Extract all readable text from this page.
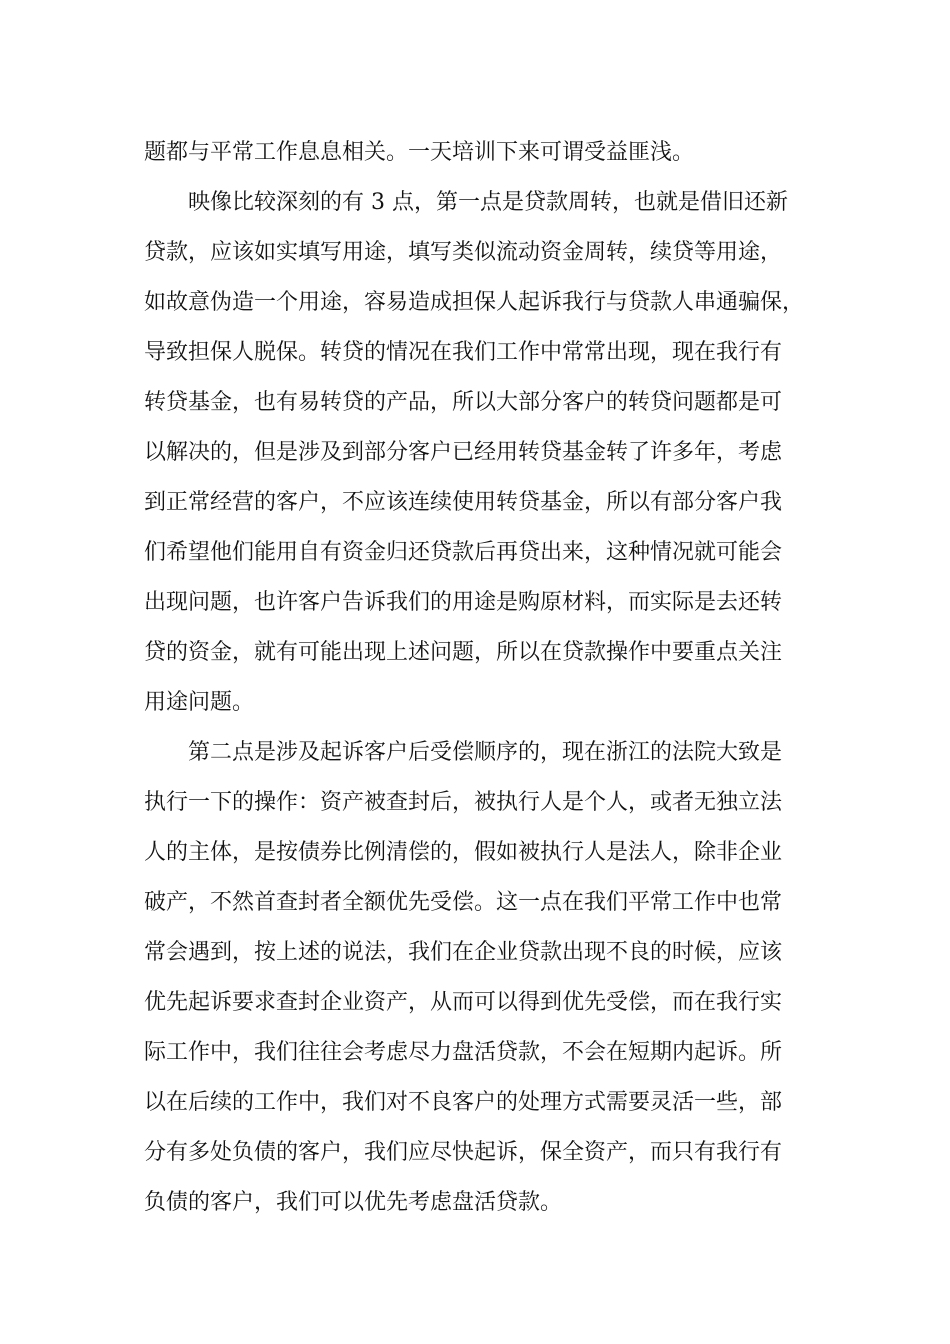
题都与平常工作息息相关。一天培训下来可谓受益匪浅。
映像比较深刻的有 3 点，第一点是贷款周转，也就是借旧还新
贷款，应该如实填写用途，填写类似流动资金周转，续贷等用途，
如故意伪造一个用途，容易造成担保人起诉我行与贷款人串通骗保，
导致担保人脱保。转贷的情况在我们工作中常常出现，现在我行有
转贷基金，也有易转贷的产品，所以大部分客户的转贷问题都是可
以解决的，但是涉及到部分客户已经用转贷基金转了许多年，考虑
到正常经营的客户，不应该连续使用转贷基金，所以有部分客户我
们希望他们能用自有资金归还贷款后再贷出来，这种情况就可能会
出现问题，也许客户告诉我们的用途是购原材料，而实际是去还转
贷的资金，就有可能出现上述问题，所以在贷款操作中要重点关注
用途问题。
第二点是涉及起诉客户后受偿顺序的，现在浙江的法院大致是
执行一下的操作：资产被查封后，被执行人是个人，或者无独立法
人的主体，是按债券比例清偿的，假如被执行人是法人，除非企业
破产，不然首查封者全额优先受偿。这一点在我们平常工作中也常
常会遇到，按上述的说法，我们在企业贷款出现不良的时候，应该
优先起诉要求查封企业资产，从而可以得到优先受偿，而在我行实
际工作中，我们往往会考虑尽力盘活贷款，不会在短期内起诉。所
以在后续的工作中，我们对不良客户的处理方式需要灵活一些，部
分有多处负债的客户，我们应尽快起诉，保全资产，而只有我行有
负债的客户，我们可以优先考虑盘活贷款。
